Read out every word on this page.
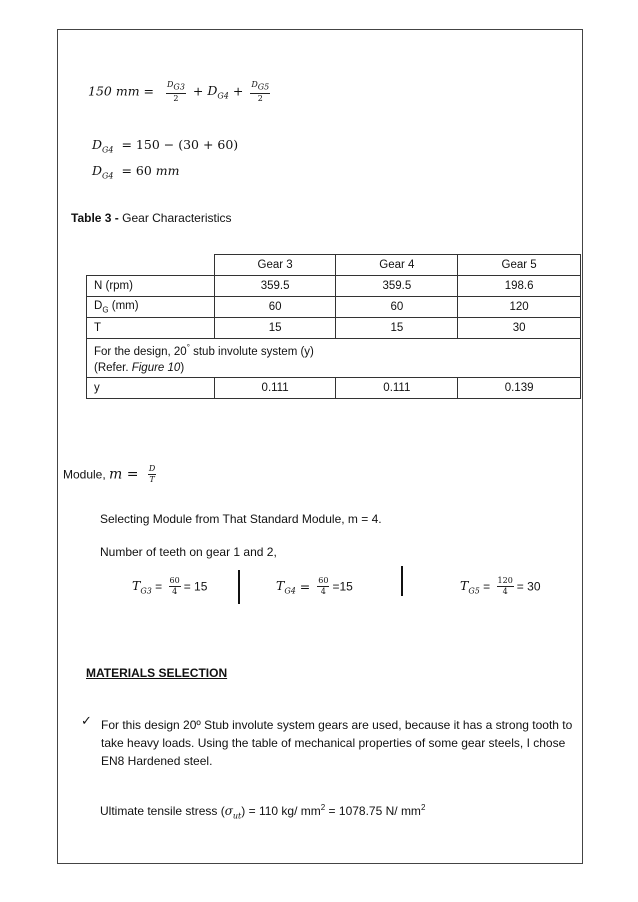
150 mm = $\frac{D_{G3}}{2} + D_{G4} + \frac{D_{G5}}{2}$
$D_{G4} = 150 - (30 + 60)$
$D_{G4} = 60$ mm
Table 3 - Gear Characteristics
	Gear 3	Gear 4	Gear 5
N (rpm)	359.5	359.5	198.6
$D_G$ (mm)	60	60	120
T	15	15	30

For the design, 20° stub involute system (y)
(Refer. Figure 10)			

y	0.111	0.111	0.139
Module, $m = \frac{D}{T}$
Selecting Module from That Standard Module, m = 4.
Number of teeth on gear 1 and 2,
$T_{G3} = \frac{60}{4} = 15$	$T_{G4} = \frac{60}{4} =15$	$T_{G5} = \frac{120}{4} = 30$
MATERIALS SELECTION
✓ For this design 20º Stub involute system gears are used, because it has a strong tooth to take heavy loads. Using the table of mechanical properties of some gear steels, I chose EN8 Hardened steel.
Ultimate tensile stress $(\sigma_{ut}) = 110$ kg/ $mm^2 = 1078.75$ N/ $mm^2$
